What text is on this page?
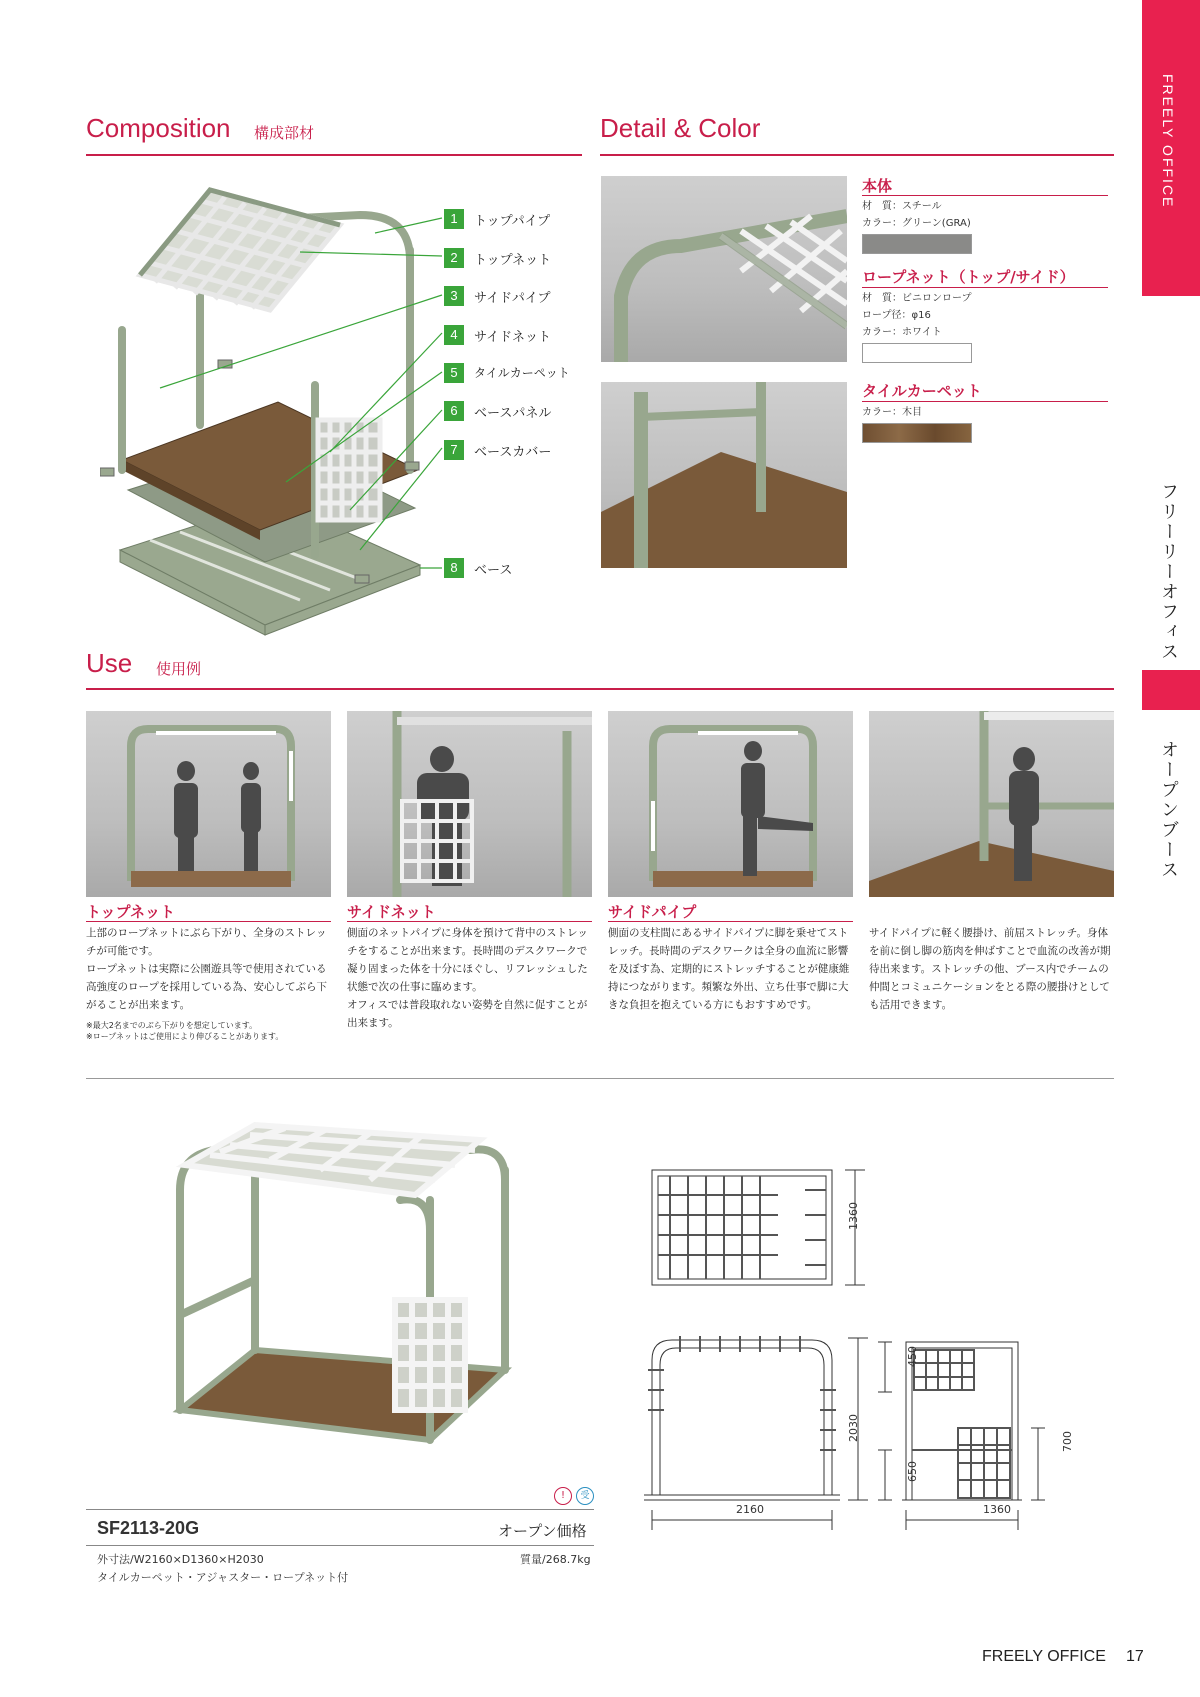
FREELY OFFICE
フリーリーオフィス
オープンブース
Composition 構成部材
1	トップパイプ
2	トップネット
3	サイドパイプ
4	サイドネット
5	タイルカーペット
6	ベースパネル
7	ベースカバー
8	ベース
Detail & Color
本体
材　質：スチール
カラー：グリーン(GRA)
ロープネット（トップ/サイド）
材　質：ビニロンロープ
ロープ径：φ16
カラー：ホワイト
タイルカーペット
カラー：木目
Use 使用例
トップネット
上部のロープネットにぶら下がり、全身のストレッチが可能です。
ロープネットは実際に公園遊具等で使用されている高強度のロープを採用している為、安心してぶら下がることが出来ます。
※最大2名までのぶら下がりを想定しています。
※ロープネットはご使用により伸びることがあります。
サイドネット
側面のネットパイプに身体を預けて背中のストレッチをすることが出来ます。長時間のデスクワークで凝り固まった体を十分にほぐし、リフレッシュした状態で次の仕事に臨めます。
オフィスでは普段取れない姿勢を自然に促すことが出来ます。
サイドパイプ
側面の支柱間にあるサイドパイプに脚を乗せてストレッチ。長時間のデスクワークは全身の血流に影響を及ぼす為、定期的にストレッチすることが健康維持につながります。頻繁な外出、立ち仕事で脚に大きな負担を抱えている方にもおすすめです。
サイドパイプに軽く腰掛け、前屈ストレッチ。身体を前に倒し脚の筋肉を伸ばすことで血流の改善が期待出来ます。ストレッチの他、ブース内でチームの仲間とコミュニケーションをとる際の腰掛けとしても活用できます。
!	受
SF2113-20G	オープン価格
外寸法/W2160×D1360×H2030	質量/268.7kg
タイルカーペット・アジャスター・ロープネット付
1360
2030
2160
450
650
700
1360
FREELY OFFICE 17
